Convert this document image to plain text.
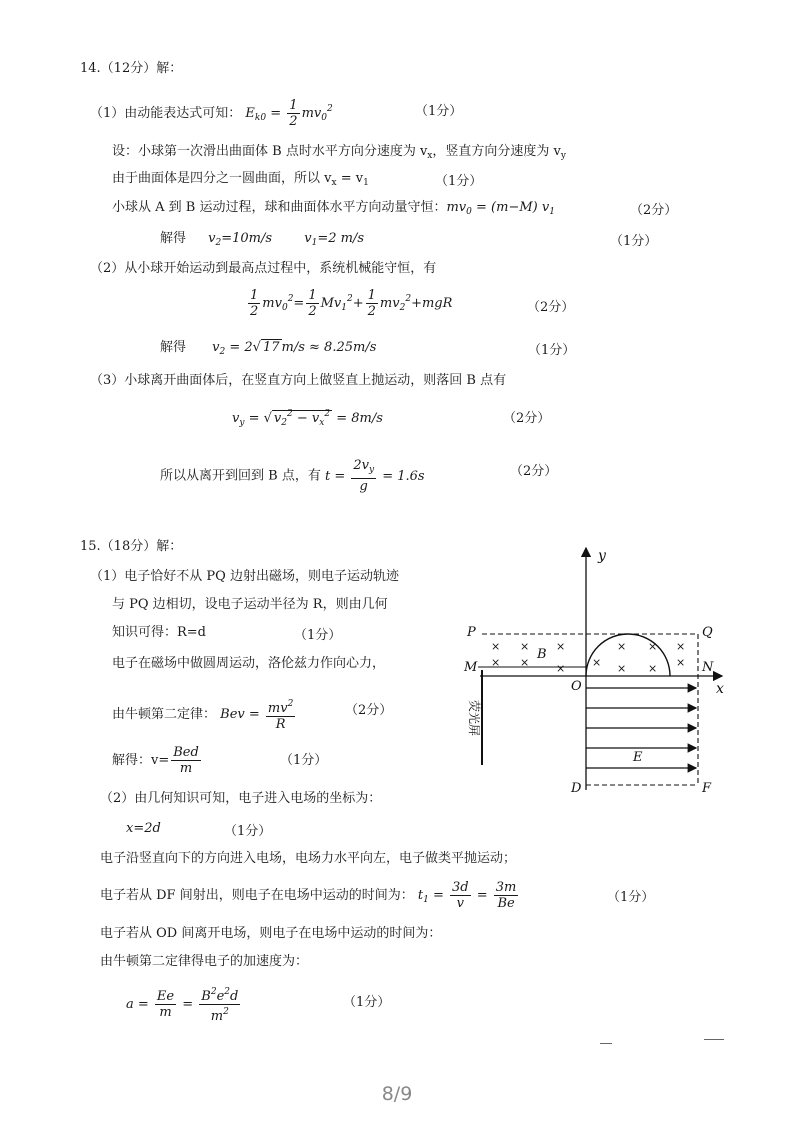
14.（12分）解：
（1）由动能表达式可知： $E_{k0} = \frac{1}{2} mv_0^2$	（1分）
设：小球第一次滑出曲面体 B 点时水平方向分速度为 $v_x$，竖直方向分速度为 $v_y$
由于曲面体是四分之一圆曲面，所以 $v_x = v_1$	（1分）
小球从 A 到 B 运动过程，球和曲面体水平方向动量守恒：$mv_0 = (m-M)$ $v_1$	（2分）
解得 $v_2=10m/s$ $v_1=2$ m/s	（1分）
（2）从小球开始运动到最高点过程中，系统机械能守恒，有
$\frac{1}{2} mv_0^2= \frac{1}{2} Mv_1^2+ \frac{1}{2} mv_2^2+mgR$	（2分）
解得 $v_2 = 2√$ 17 m/s ≈ 8.25m/s	（1分）
（3）小球离开曲面体后，在竖直方向上做竖直上抛运动，则落回 B 点有
$v_y$ = √ $v_2^2 - v_x^2 = 8m/s$	（2分）
所以从离开到回到 B 点，有 $t = \frac{2v_y}{g} = 1.6s$	（2分）
15.（18分）解：
（1）电子恰好不从 PQ 边射出磁场，则电子运动轨迹
与 PQ 边相切，设电子运动半径为 R，则由几何
知识可得：R=d	（1分）
电子在磁场中做圆周运动，洛伦兹力作向心力，
由牛顿第二定律： Bev = $\frac{mv^2}{R}$	（2分）
解得：$v= \frac{\text{Bed}}{m}$	（1分）
（2）由几何知识可知，电子进入电场的坐标为：
x=2d	（1分）
电子沿竖直向下的方向进入电场，电场力水平向左，电子做类平抛运动；
电子若从 DF 间射出，则电子在电场中运动的时间为： $t_1 = \frac{3d}{v} = \frac{3m}{Be}$	（1分）
电子若从 OD 间离开电场，则电子在电场中运动的时间为：
由牛顿第二定律得电子的加速度为：
$a = \frac{Ee}{m} = \frac{B^2e^2d}{m^2}$	（1分）
× × ×	× × ×
× × × × × × ×
y
x
P	Q
M	N
O
B
E
D	F
荧光屏
8/9
